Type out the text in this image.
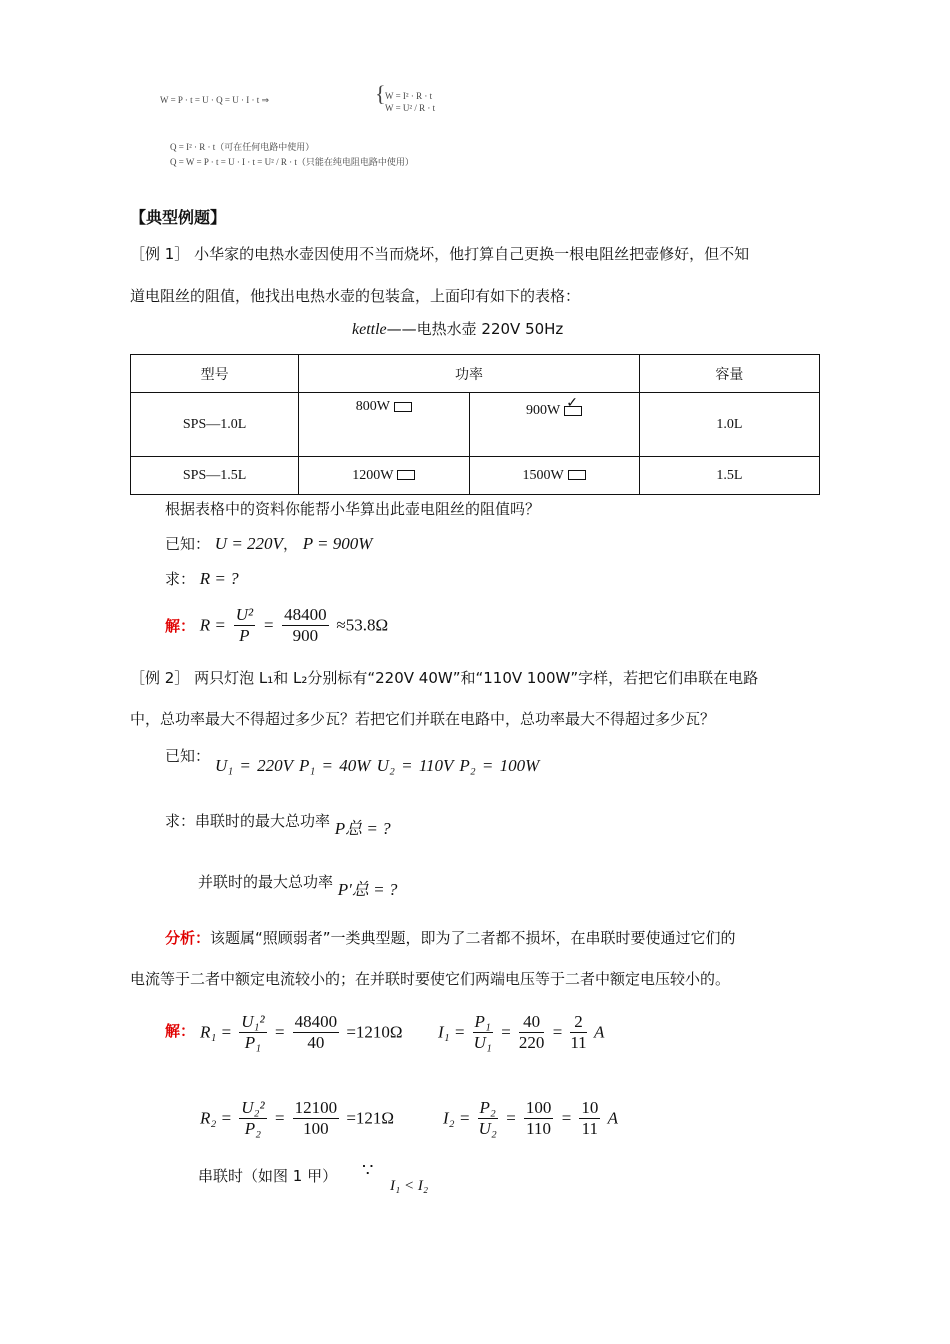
W = P · t = U · Q = U · I · t ⇒	{ W = I² · R · t
W = U² / R · t
Q = I² · R · t（可在任何电路中使用）
Q = W = P · t = U · I · t = U² / R · t（只能在纯电阻电路中使用）
【典型例题】
［例 1］ 小华家的电热水壶因使用不当而烧坏，他打算自己更换一根电阻丝把壶修好，但不知
道电阻丝的阻值，他找出电热水壶的包装盒，上面印有如下的表格：
kettle——电热水壶 220V 50Hz
型号	功率		容量
SPS—1.0L	800W	900W ✓	1.0L
SPS—1.5L	1200W	1500W	1.5L
根据表格中的资料你能帮小华算出此壶电阻丝的阻值吗？
已知： U = 220V， P = 900W
求： R = ?
解： $R = \frac{\text{U²}}{P} = \frac{48400}{900} \approx 53.8\Omega$
［例 2］ 两只灯泡 L₁和 L₂分别标有“220V 40W”和“110V 100W”字样，若把它们串联在电路
中，总功率最大不得超过多少瓦？若把它们并联在电路中，总功率最大不得超过多少瓦？
已知： U₁ = 220V P₁ = 40W U₂ = 110V P₂ = 100W
求：串联时的最大总功率 P总 = ?
并联时的最大总功率 P′总 = ?
分析：该题属“照顾弱者”一类典型题，即为了二者都不损坏，在串联时要使通过它们的
电流等于二者中额定电流较小的；在并联时要使它们两端电压等于二者中额定电压较小的。
解： $R_1 = \frac{\text{U₁²}}{\text{P₁}} = \frac{48400}{40} =1210\Omega$ $I_1 = \frac{\text{P₁}}{\text{U₁}} = \frac{40}{220} = \frac{2}{11}$ A
$R_2 = \frac{\text{U₂²}}{\text{P₂}} = \frac{12100}{100} =121\Omega$	$I_2 = \frac{\text{P₂}}{\text{U₂}} = \frac{100}{110} = \frac{10}{11}$ A
串联时（如图 1 甲） ∵
I₁ < I₂
